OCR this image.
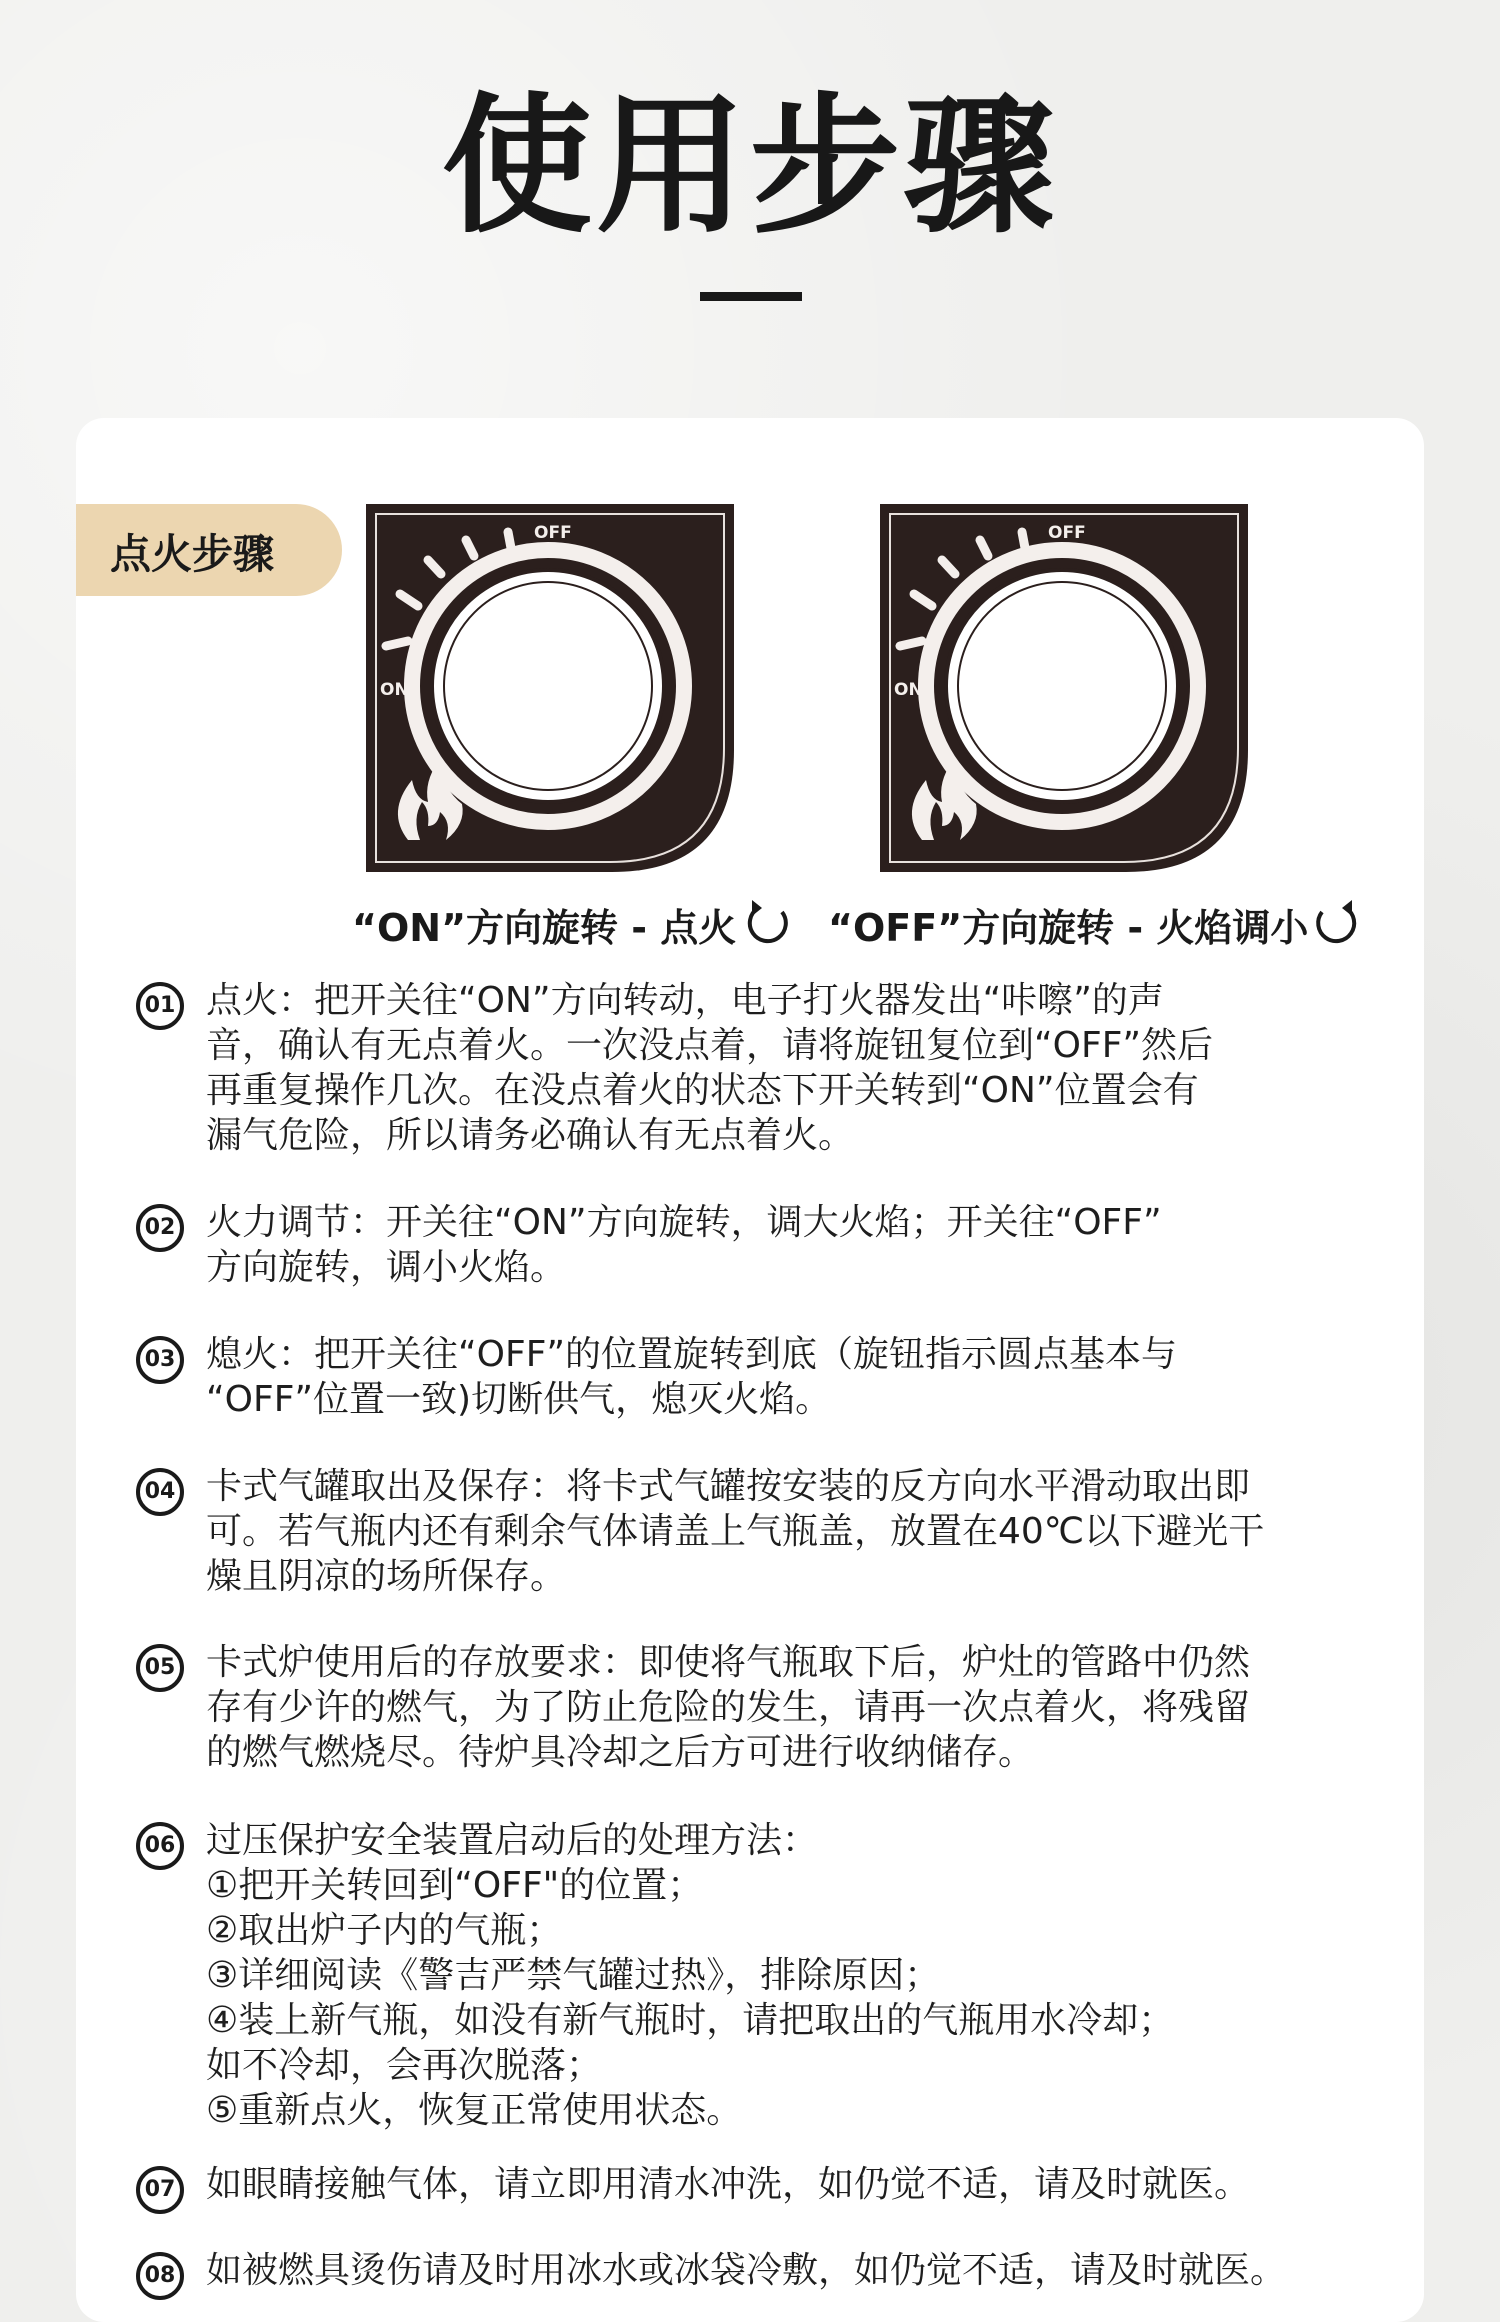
使用步骤
点火步骤	OFF
ON
OFF
ON
“ON”方向旋转 - 点火 “OFF”方向旋转 - 火焰调小
01 点火：把开关往“ON”方向转动，电子打火器发出“咔嚓”的声
音，确认有无点着火。一次没点着，请将旋钮复位到“OFF”然后
再重复操作几次。在没点着火的状态下开关转到“ON”位置会有
漏气危险，所以请务必确认有无点着火。
02 火力调节：开关往“ON”方向旋转，调大火焰；开关往“OFF”
方向旋转，调小火焰。
03 熄火：把开关往“OFF”的位置旋转到底（旋钮指示圆点基本与
“OFF”位置一致)切断供气，熄灭火焰。
04 卡式气罐取出及保存：将卡式气罐按安装的反方向水平滑动取出即
可。若气瓶内还有剩余气体请盖上气瓶盖，放置在40℃以下避光干
燥且阴凉的场所保存。
05 卡式炉使用后的存放要求：即使将气瓶取下后，炉灶的管路中仍然
存有少许的燃气，为了防止危险的发生，请再一次点着火，将残留
的燃气燃烧尽。待炉具冷却之后方可进行收纳储存。
06 过压保护安全装置启动后的处理方法：
①把开关转回到“OFF"的位置；
②取出炉子内的气瓶；
③详细阅读《警吉严禁气罐过热》，排除原因；
④装上新气瓶，如没有新气瓶时，请把取出的气瓶用水冷却；
如不冷却，会再次脱落；
⑤重新点火，恢复正常使用状态。
07 如眼睛接触气体，请立即用清水冲洗，如仍觉不适，请及时就医。
08 如被燃具烫伤请及时用冰水或冰袋冷敷，如仍觉不适，请及时就医。
